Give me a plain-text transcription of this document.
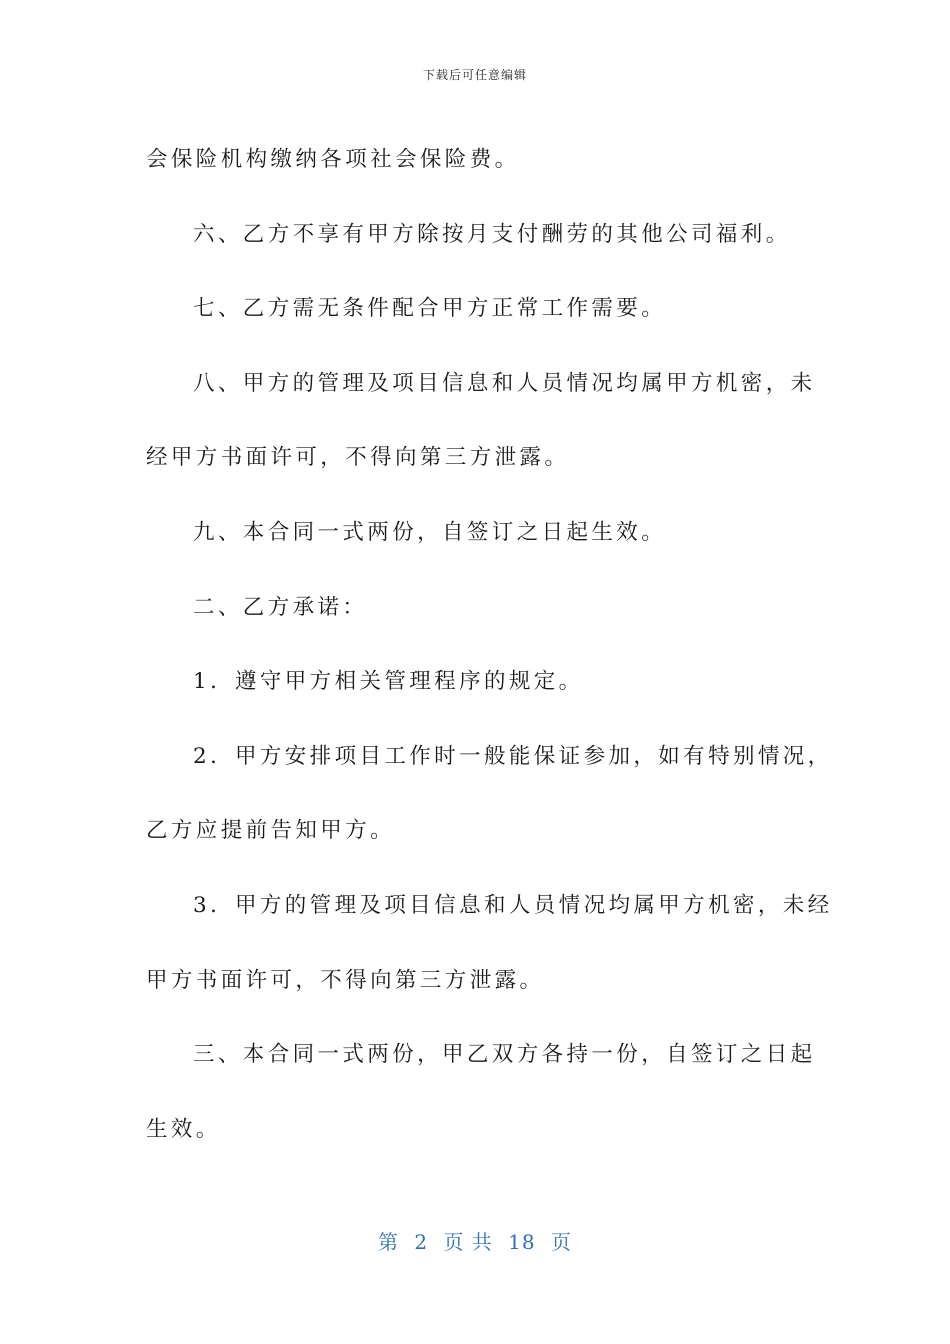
下载后可任意编辑

会保险机构缴纳各项社会保险费。

六、乙方不享有甲方除按月支付酬劳的其他公司福利。

七、乙方需无条件配合甲方正常工作需要。

八、甲方的管理及项目信息和人员情况均属甲方机密，未

经甲方书面许可，不得向第三方泄露。

九、本合同一式两份，自签订之日起生效。

二、乙方承诺：

1．遵守甲方相关管理程序的规定。

2．甲方安排项目工作时一般能保证参加，如有特别情况，

乙方应提前告知甲方。

3．甲方的管理及项目信息和人员情况均属甲方机密，未经

甲方书面许可，不得向第三方泄露。

三、本合同一式两份，甲乙双方各持一份，自签订之日起

生效。

第 2 页 共 18 页
